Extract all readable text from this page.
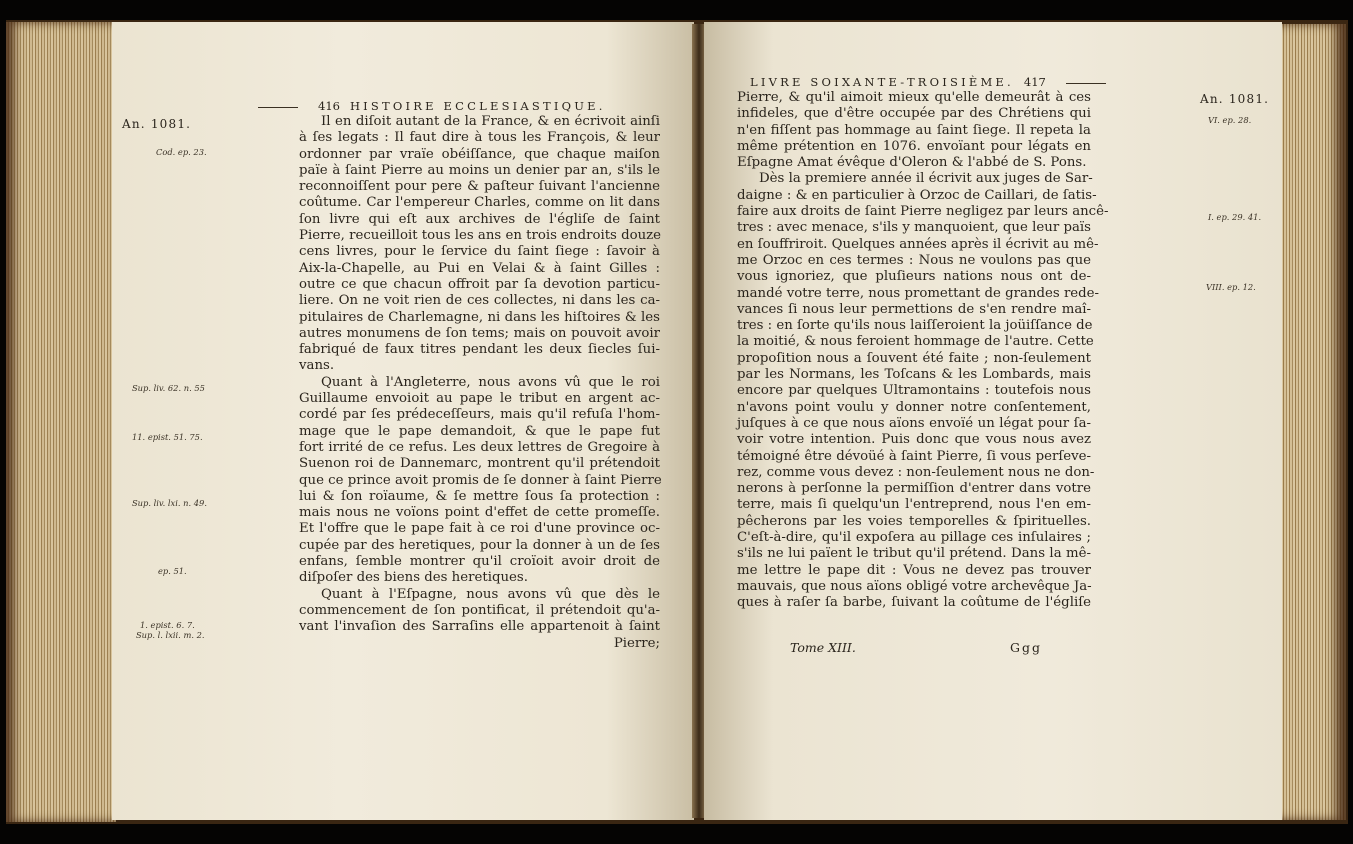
416 HISTOIRE ECCLESIASTIQUE.
An. 1081.
Cod. ep. 23.
Sup. liv. 62. n. 55
11. epist. 51. 75.
Sup. liv. lxi. n. 49.
ep. 51.
1. epist. 6. 7.
Sup. l. lxii. m. 2.
Il en diſoit autant de la France, & en écrivoit ainſi
à ſes legats : Il faut dire à tous les François, & leur
ordonner par vraïe obéiſſance, que chaque maiſon
païe à ſaint Pierre au moins un denier par an, s'ils le
reconnoiſſent pour pere & paſteur ſuivant l'ancienne
coûtume. Car l'empereur Charles, comme on lit dans
ſon livre qui eſt aux archives de l'égliſe de ſaint
Pierre, recueilloit tous les ans en trois endroits douze
cens livres, pour le ſervice du ſaint ſiege : ſavoir à
Aix-la-Chapelle, au Pui en Velai & à ſaint Gilles :
outre ce que chacun offroit par ſa devotion particu-
liere. On ne voit rien de ces collectes, ni dans les ca-
pitulaires de Charlemagne, ni dans les hiſtoires & les
autres monumens de ſon tems; mais on pouvoit avoir
fabriqué de faux titres pendant les deux ſiecles ſui-
vans.
Quant à l'Angleterre, nous avons vû que le roi
Guillaume envoioit au pape le tribut en argent ac-
cordé par ſes prédeceſſeurs, mais qu'il refuſa l'hom-
mage que le pape demandoit, & que le pape fut
fort irrité de ce refus. Les deux lettres de Gregoire à
Suenon roi de Dannemarc, montrent qu'il prétendoit
que ce prince avoit promis de ſe donner à ſaint Pierre
lui & ſon roïaume, & ſe mettre ſous ſa protection :
mais nous ne voïons point d'effet de cette promeſſe.
Et l'offre que le pape fait à ce roi d'une province oc-
cupée par des heretiques, pour la donner à un de ſes
enfans, ſemble montrer qu'il croïoit avoir droit de
diſpoſer des biens des heretiques.
Quant à l'Eſpagne, nous avons vû que dès le
commencement de ſon pontificat, il prétendoit qu'a-
vant l'invaſion des Sarraſins elle appartenoit à ſaint
Pierre;
LIVRE SOIXANTE-TROISIÈME. 417
An. 1081.
VI. ep. 28.
I. ep. 29. 41.
VIII. ep. 12.
Pierre, & qu'il aimoit mieux qu'elle demeurât à ces
infideles, que d'être occupée par des Chrétiens qui
n'en fiſſent pas hommage au ſaint ſiege. Il repeta la
même prétention en 1076. envoïant pour légats en
Eſpagne Amat évêque d'Oleron & l'abbé de S. Pons.
Dès la premiere année il écrivit aux juges de Sar-
daigne : & en particulier à Orzoc de Caillari, de ſatis-
faire aux droits de ſaint Pierre negligez par leurs ancê-
tres : avec menace, s'ils y manquoient, que leur païs
en ſouffriroit. Quelques années après il écrivit au mê-
me Orzoc en ces termes : Nous ne voulons pas que
vous ignoriez, que pluſieurs nations nous ont de-
mandé votre terre, nous promettant de grandes rede-
vances ſi nous leur permettions de s'en rendre maî-
tres : en ſorte qu'ils nous laiſſeroient la joüiſſance de
la moitié, & nous feroient hommage de l'autre. Cette
propoſition nous a ſouvent été faite ; non-ſeulement
par les Normans, les Toſcans & les Lombards, mais
encore par quelques Ultramontains : toutefois nous
n'avons point voulu y donner notre conſentement,
juſques à ce que nous aïons envoïé un légat pour ſa-
voir votre intention. Puis donc que vous nous avez
témoigné être dévoüé à ſaint Pierre, ſi vous perſeve-
rez, comme vous devez : non-ſeulement nous ne don-
nerons à perſonne la permiſſion d'entrer dans votre
terre, mais ſi quelqu'un l'entreprend, nous l'en em-
pêcherons par les voies temporelles & ſpirituelles.
C'eſt-à-dire, qu'il expoſera au pillage ces inſulaires ;
s'ils ne lui païent le tribut qu'il prétend. Dans la mê-
me lettre le pape dit : Vous ne devez pas trouver
mauvais, que nous aïons obligé votre archevêque Ja-
ques à raſer ſa barbe, ſuivant la coûtume de l'égliſe
Tome XIII.	Ggg
